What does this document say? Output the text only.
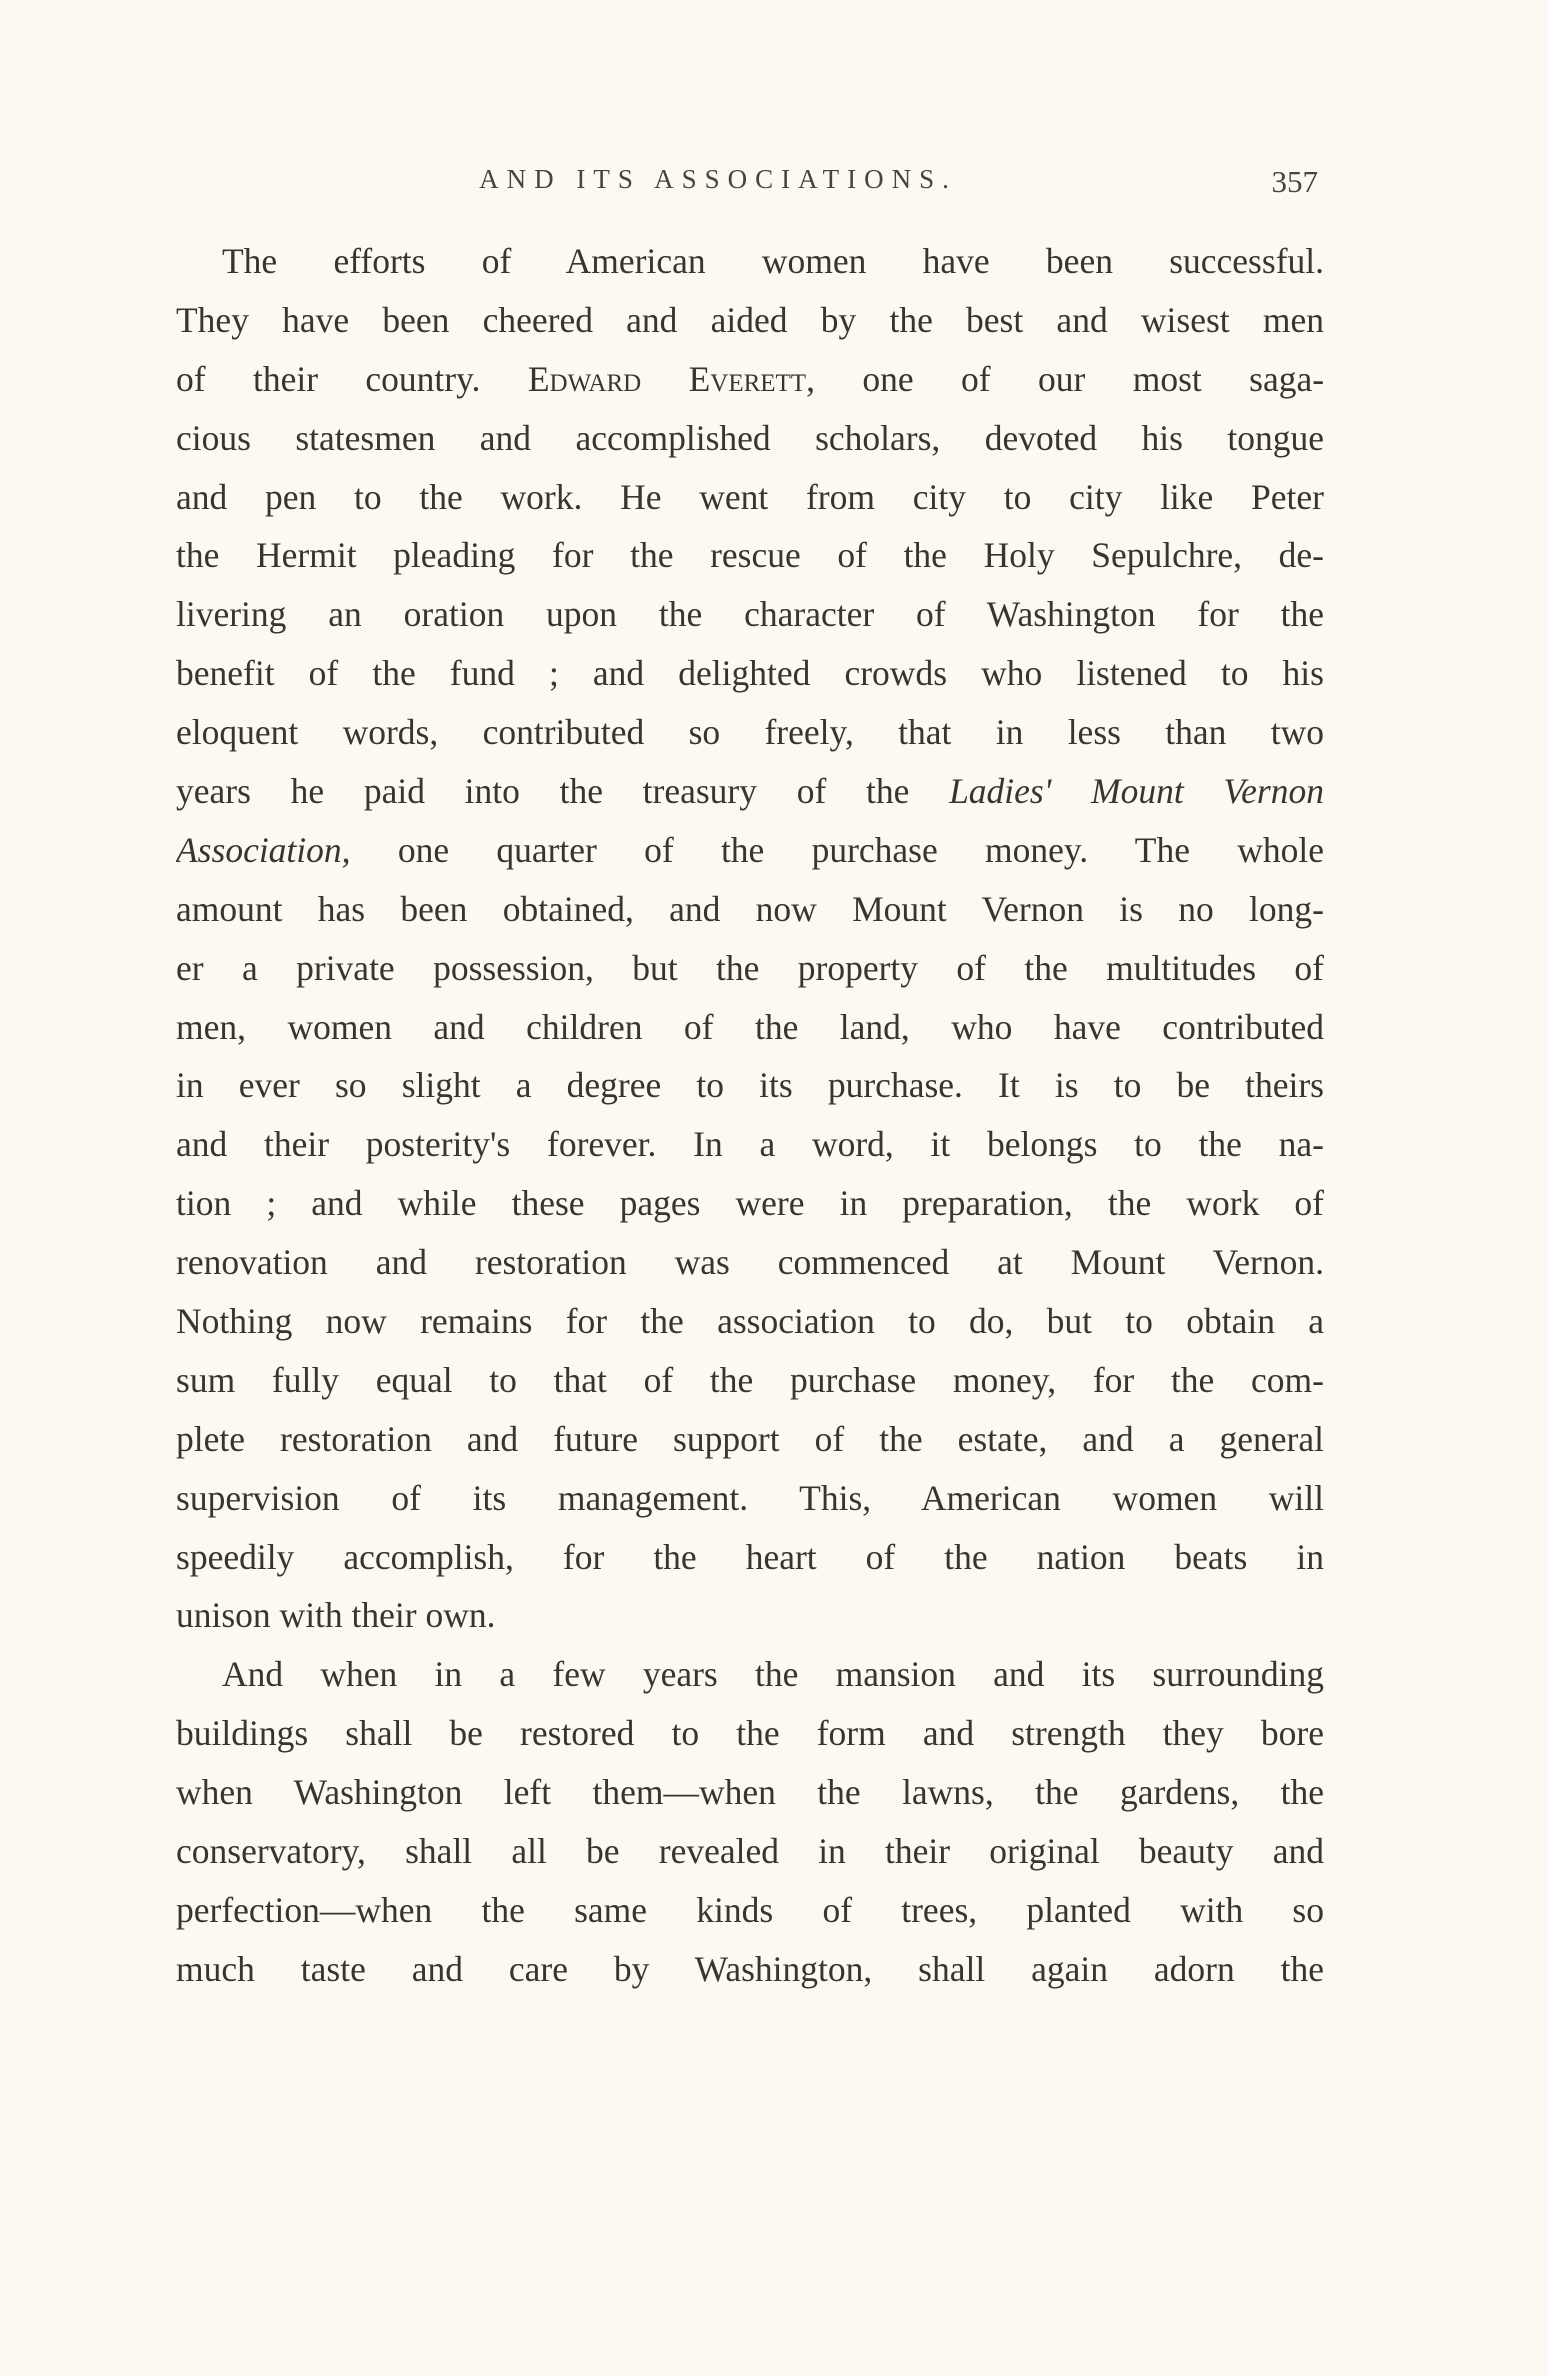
AND ITS ASSOCIATIONS.	357
The efforts of American women have been successful.
They have been cheered and aided by the best and wisest men
of their country. Edward Everett, one of our most saga-
cious statesmen and accomplished scholars, devoted his tongue
and pen to the work. He went from city to city like Peter
the Hermit pleading for the rescue of the Holy Sepulchre, de-
livering an oration upon the character of Washington for the
benefit of the fund ; and delighted crowds who listened to his
eloquent words, contributed so freely, that in less than two
years he paid into the treasury of the Ladies' Mount Vernon
Association, one quarter of the purchase money. The whole
amount has been obtained, and now Mount Vernon is no long-
er a private possession, but the property of the multitudes of
men, women and children of the land, who have contributed
in ever so slight a degree to its purchase. It is to be theirs
and their posterity's forever. In a word, it belongs to the na-
tion ; and while these pages were in preparation, the work of
renovation and restoration was commenced at Mount Vernon.
Nothing now remains for the association to do, but to obtain a
sum fully equal to that of the purchase money, for the com-
plete restoration and future support of the estate, and a general
supervision of its management. This, American women will
speedily accomplish, for the heart of the nation beats in
unison with their own.
And when in a few years the mansion and its surrounding
buildings shall be restored to the form and strength they bore
when Washington left them—when the lawns, the gardens, the
conservatory, shall all be revealed in their original beauty and
perfection—when the same kinds of trees, planted with so
much taste and care by Washington, shall again adorn the
